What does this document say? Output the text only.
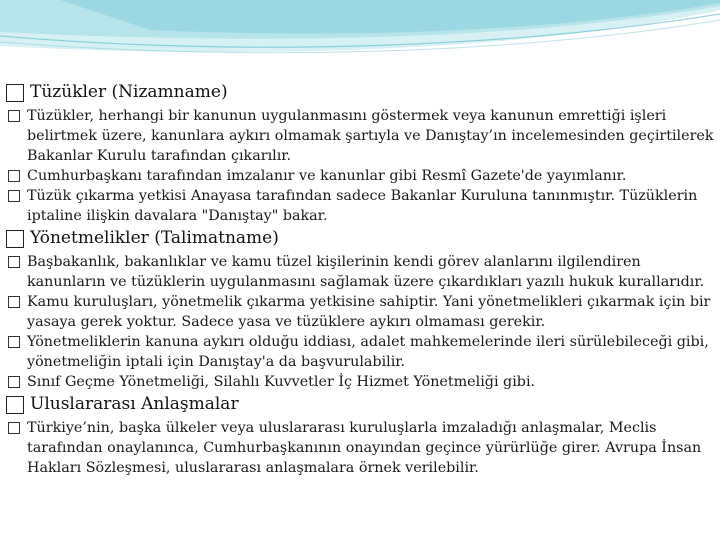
Tüzükler (Nizamname)

Tüzükler, herhangi bir kanunun uygulanmasını göstermek veya kanunun emrettiği işleri belirtmek üzere, kanunlara aykırı olmamak şartıyla ve Danıştay’ın incelemesinden geçirtilerek Bakanlar Kurulu tarafından çıkarılır.

Cumhurbaşkanı tarafından imzalanır ve kanunlar gibi Resmî Gazete'de yayımlanır.

Tüzük çıkarma yetkisi Anayasa tarafından sadece Bakanlar Kuruluna tanınmıştır. Tüzüklerin iptaline ilişkin davalara "Danıştay" bakar.

Yönetmelikler (Talimatname)

Başbakanlık, bakanlıklar ve kamu tüzel kişilerinin kendi görev alanlarını ilgilendiren kanunların ve tüzüklerin uygulanmasını sağlamak üzere çıkardıkları yazılı hukuk kurallarıdır.

Kamu kuruluşları, yönetmelik çıkarma yetkisine sahiptir. Yani yönetmelikleri çıkarmak için bir yasaya gerek yoktur. Sadece yasa ve tüzüklere aykırı olmaması gerekir.

Yönetmeliklerin kanuna aykırı olduğu iddiası, adalet mahkemelerinde ileri sürülebileceği gibi, yönetmeliğin iptali için Danıştay'a da başvurulabilir.

Sınıf Geçme Yönetmeliği, Silahlı Kuvvetler İç Hizmet Yönetmeliği gibi.

Uluslararası Anlaşmalar

Türkiye’nin, başka ülkeler veya uluslararası kuruluşlarla imzaladığı anlaşmalar, Meclis tarafından onaylanınca, Cumhurbaşkanının onayından geçince yürürlüğe girer. Avrupa İnsan Hakları Sözleşmesi, uluslararası anlaşmalara örnek verilebilir.
